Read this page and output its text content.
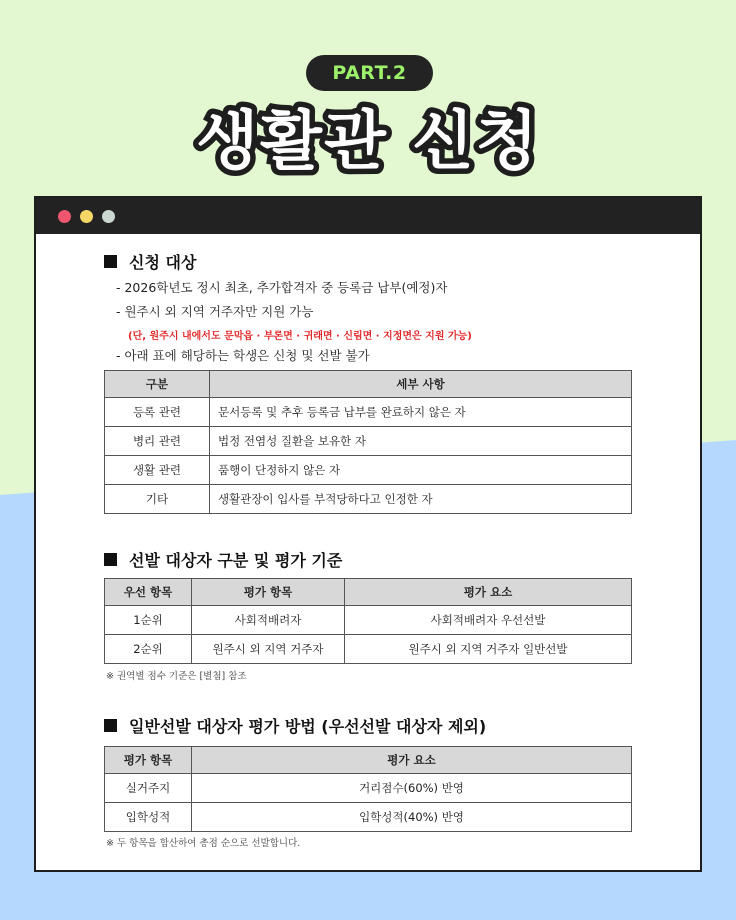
PART.2
생활관 신청
신청 대상
- 2026학년도 정시 최초, 추가합격자 중 등록금 납부(예정)자
- 원주시 외 지역 거주자만 지원 가능
(단, 원주시 내에서도 문막읍 · 부론면 · 귀래면 · 신림면 · 지정면은 지원 가능)
- 아래 표에 해당하는 학생은 신청 및 선발 불가
구분	세부 사항
등록 관련	문서등록 및 추후 등록금 납부를 완료하지 않은 자
병리 관련	법정 전염성 질환을 보유한 자
생활 관련	품행이 단정하지 않은 자
기타	생활관장이 입사를 부적당하다고 인정한 자
선발 대상자 구분 및 평가 기준
우선 항목	평가 항목	평가 요소
1순위	사회적배려자	사회적배려자 우선선발
2순위	원주시 외 지역 거주자	원주시 외 지역 거주자 일반선발
※ 권역별 점수 기준은 [별첨] 참조
일반선발 대상자 평가 방법 (우선선발 대상자 제외)
평가 항목	평가 요소
실거주지	거리점수(60%) 반영
입학성적	입학성적(40%) 반영
※ 두 항목을 합산하여 총점 순으로 선발합니다.
